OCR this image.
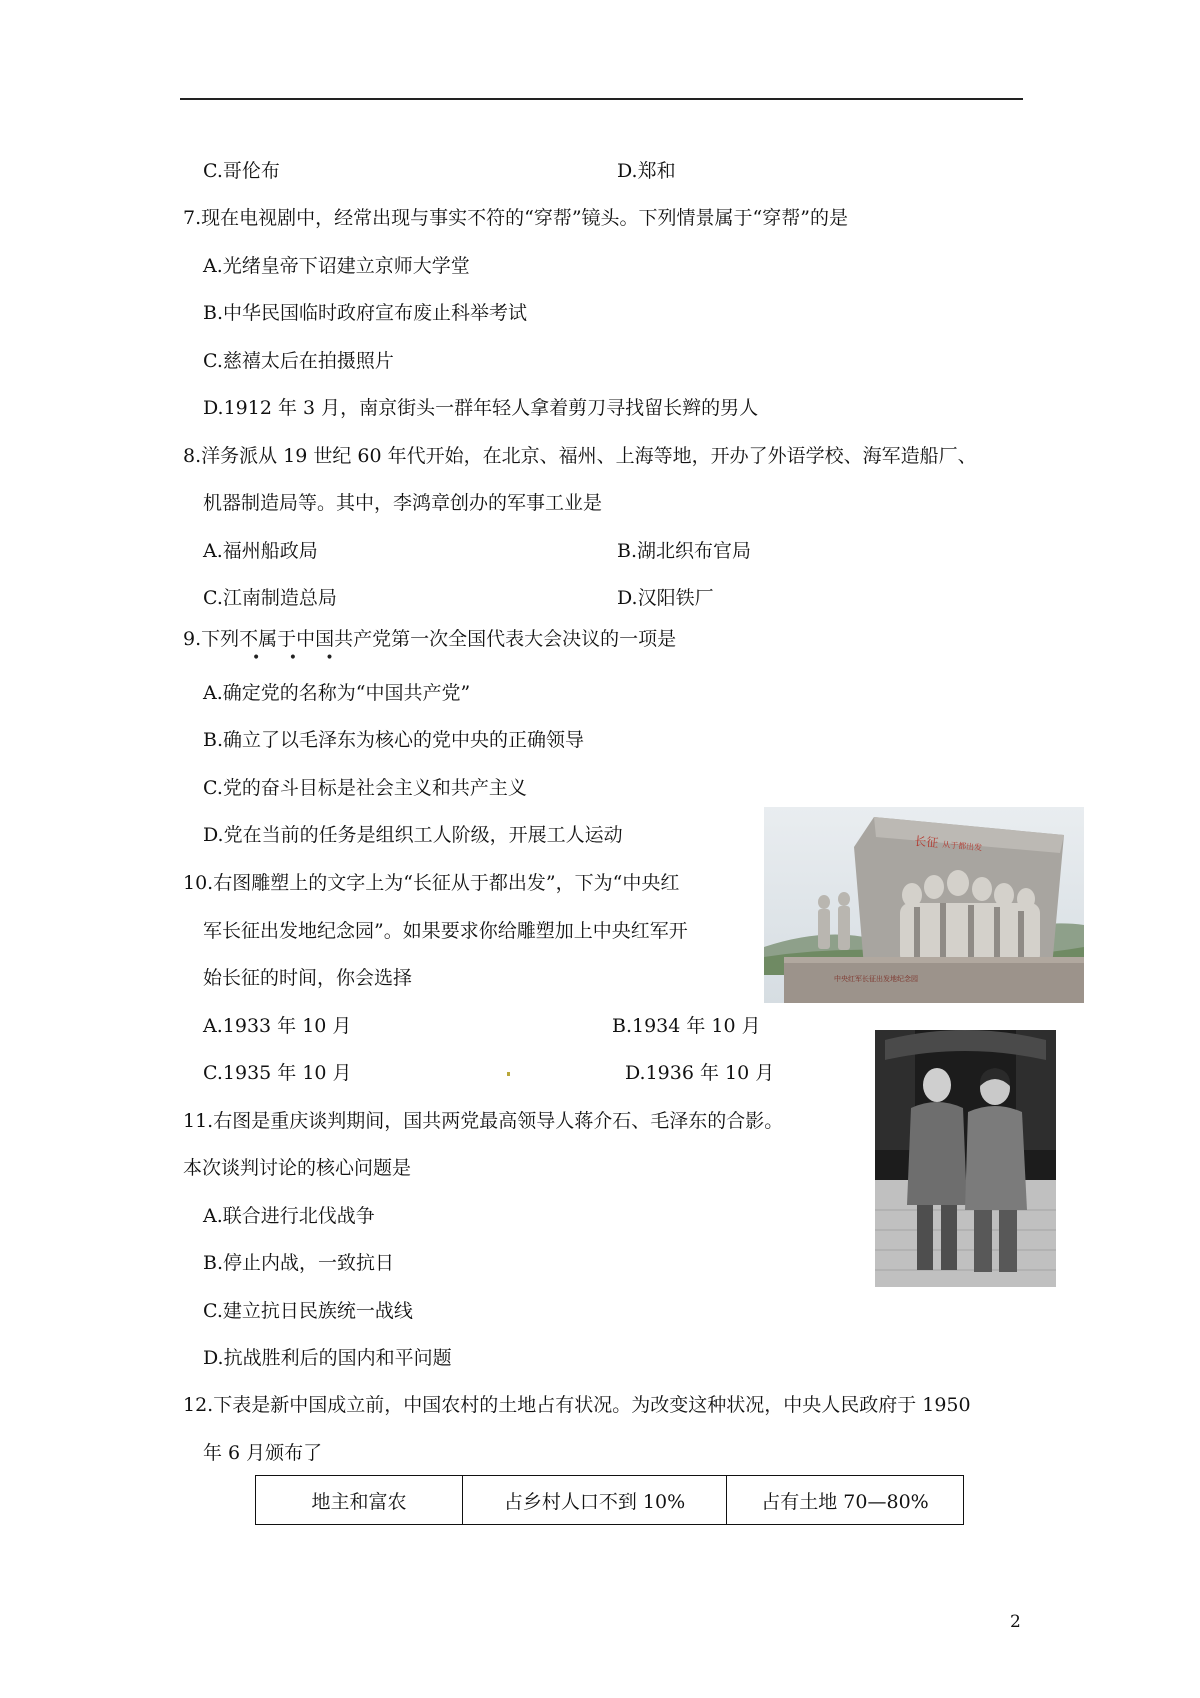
C.哥伦布	D.郑和
7.现在电视剧中，经常出现与事实不符的“穿帮”镜头。下列情景属于“穿帮”的是
A.光绪皇帝下诏建立京师大学堂
B.中华民国临时政府宣布废止科举考试
C.慈禧太后在拍摄照片
D.1912 年 3 月，南京街头一群年轻人拿着剪刀寻找留长辫的男人
8.洋务派从 19 世纪 60 年代开始，在北京、福州、上海等地，开办了外语学校、海军造船厂、
机器制造局等。其中，李鸿章创办的军事工业是
A.福州船政局	B.湖北织布官局
C.江南制造总局	D.汉阳铁厂
9.下列不属于中国共产党第一次全国代表大会决议的一项是
• • •
A.确定党的名称为“中国共产党”
B.确立了以毛泽东为核心的党中央的正确领导
C.党的奋斗目标是社会主义和共产主义
D.党在当前的任务是组织工人阶级，开展工人运动	长征 从于都出发
中央红军长征出发地纪念园
10.右图雕塑上的文字上为“长征从于都出发”，下为“中央红
军长征出发地纪念园”。如果要求你给雕塑加上中央红军开
始长征的时间，你会选择
A.1933 年 10 月	B.1934 年 10 月
C.1935 年 10 月	D.1936 年 10 月
11.右图是重庆谈判期间，国共两党最高领导人蒋介石、毛泽东的合影。
本次谈判讨论的核心问题是
A.联合进行北伐战争
B.停止内战，一致抗日
C.建立抗日民族统一战线
D.抗战胜利后的国内和平问题
12.下表是新中国成立前，中国农村的土地占有状况。为改变这种状况，中央人民政府于 1950
年 6 月颁布了
地主和富农	占乡村人口不到 10%	占有土地 70—80%
2
